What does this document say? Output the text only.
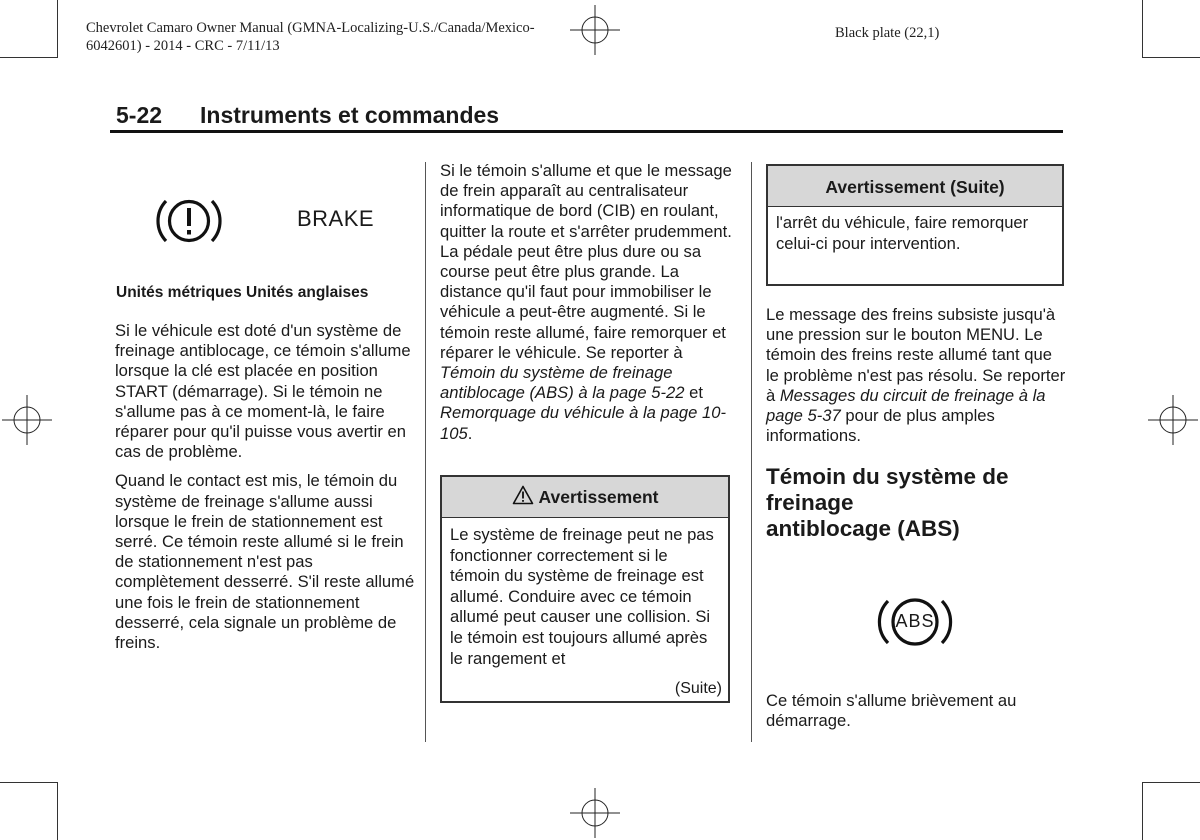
Chevrolet Camaro Owner Manual (GMNA-Localizing-U.S./Canada/Mexico-
6042601) - 2014 - CRC - 7/11/13
Black plate (22,1)
5-22 Instruments et commandes
BRAKE
Unités métriques Unités anglaises

Si le véhicule est doté d'un système de freinage antiblocage, ce témoin s'allume lorsque la clé est placée en position START (démarrage). Si le témoin ne s'allume pas à ce moment-là, le faire réparer pour qu'il puisse vous avertir en cas de problème.

Quand le contact est mis, le témoin du système de freinage s'allume aussi lorsque le frein de stationnement est serré. Ce témoin reste allumé si le frein de stationnement n'est pas complètement desserré. S'il reste allumé une fois le frein de stationnement desserré, cela signale un problème de freins.

Si le témoin s'allume et que le message de frein apparaît au centralisateur informatique de bord (CIB) en roulant, quitter la route et s'arrêter prudemment. La pédale peut être plus dure ou sa course peut être plus grande. La distance qu'il faut pour immobiliser le véhicule a peut-être augmenté. Si le témoin reste allumé, faire remorquer et réparer le véhicule. Se reporter à Témoin du système de freinage antiblocage (ABS) à la page 5-22 et Remorquage du véhicule à la page 10-105.

Avertissement
Le système de freinage peut ne pas fonctionner correctement si le témoin du système de freinage est allumé. Conduire avec ce témoin allumé peut causer une collision. Si le témoin est toujours allumé après le rangement et
(Suite)
Avertissement (Suite)
l'arrêt du véhicule, faire remorquer celui-ci pour intervention.

Le message des freins subsiste jusqu'à une pression sur le bouton MENU. Le témoin des freins reste allumé tant que le problème n'est pas résolu. Se reporter à Messages du circuit de freinage à la page 5-37 pour de plus amples informations.

Témoin du système de freinage
antiblocage (ABS)
ABS

Ce témoin s'allume brièvement au démarrage.
